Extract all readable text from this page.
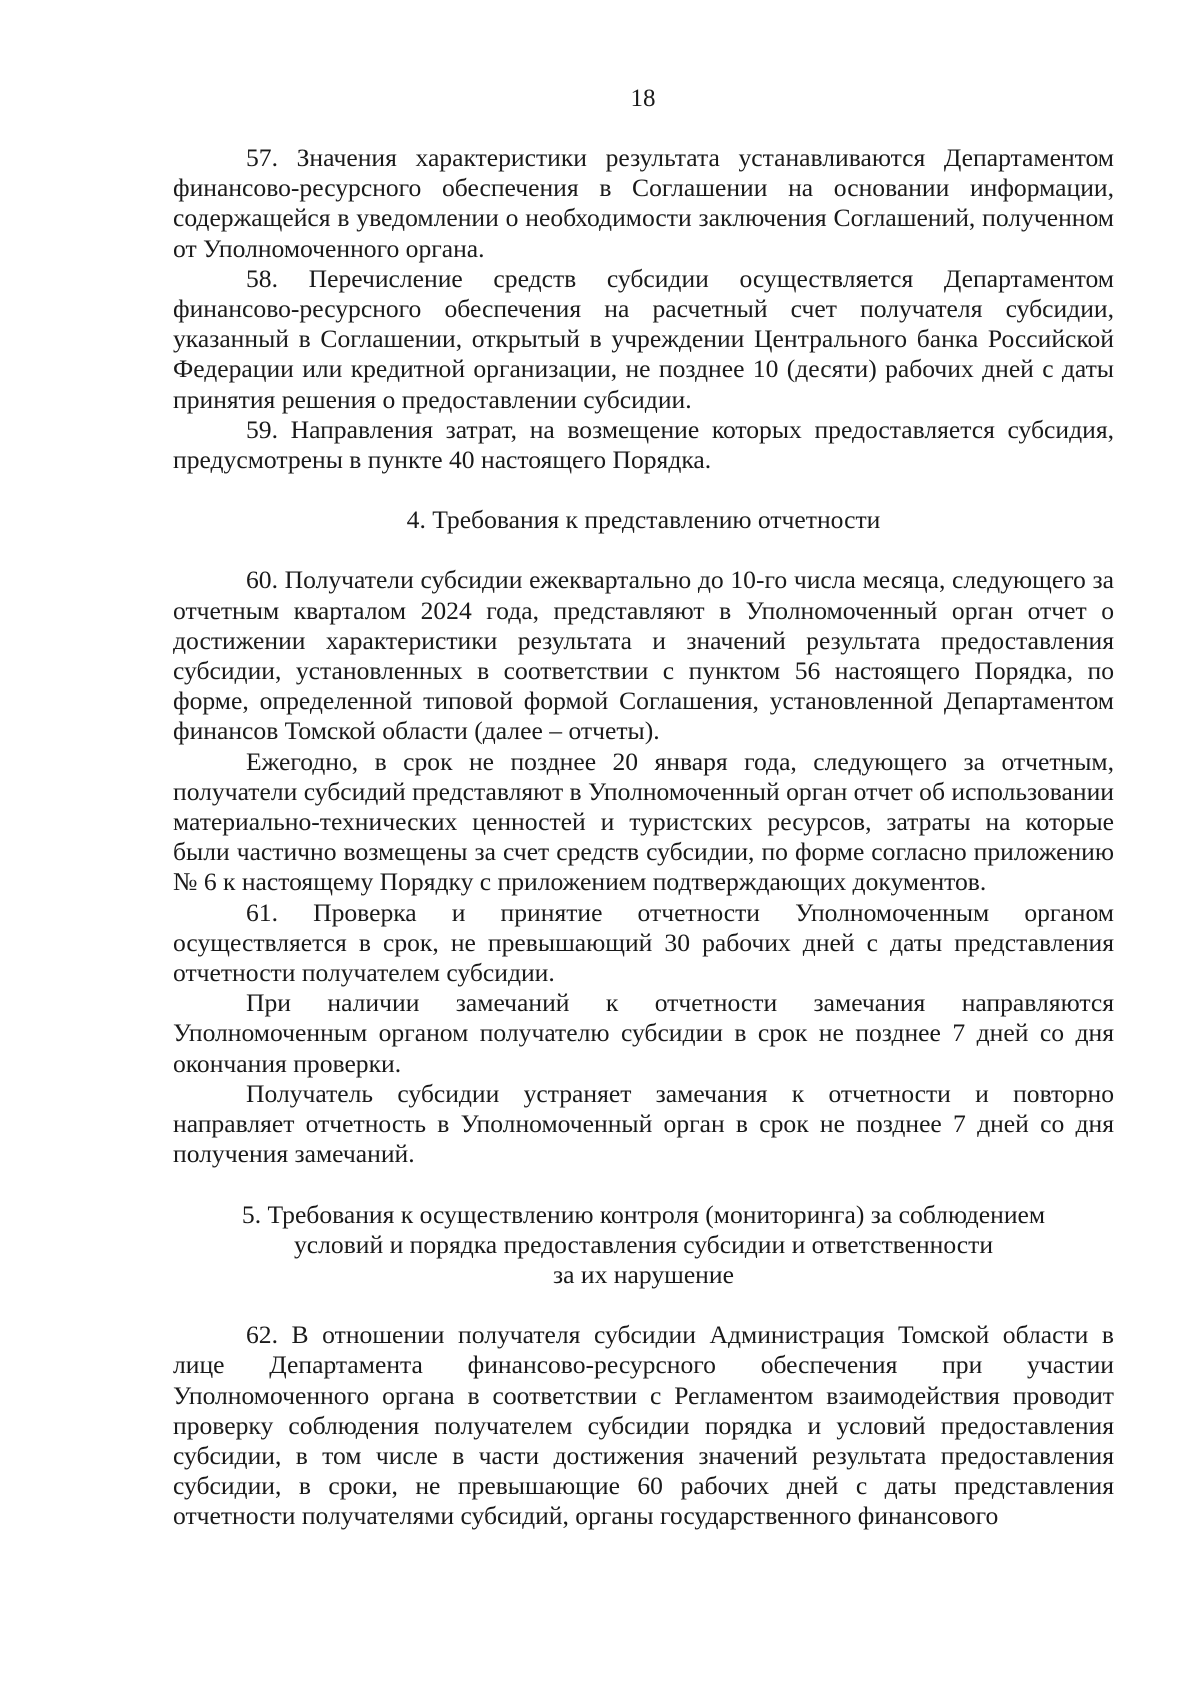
18

57. Значения характеристики результата устанавливаются Департаментом финансово-ресурсного обеспечения в Соглашении на основании информации, содержащейся в уведомлении о необходимости заключения Соглашений, полученном от Уполномоченного органа.

58. Перечисление средств субсидии осуществляется Департаментом финансово-ресурсного обеспечения на расчетный счет получателя субсидии, указанный в Соглашении, открытый в учреждении Центрального банка Российской Федерации или кредитной организации, не позднее 10 (десяти) рабочих дней с даты принятия решения о предоставлении субсидии.

59. Направления затрат, на возмещение которых предоставляется субсидия, предусмотрены в пункте 40 настоящего Порядка.

4. Требования к представлению отчетности

60. Получатели субсидии ежеквартально до 10-го числа месяца, следующего за отчетным кварталом 2024 года, представляют в Уполномоченный орган отчет о достижении характеристики результата и значений результата предоставления субсидии, установленных в соответствии с пунктом 56 настоящего Порядка, по форме, определенной типовой формой Соглашения, установленной Департаментом финансов Томской области (далее – отчеты).

Ежегодно, в срок не позднее 20 января года, следующего за отчетным, получатели субсидий представляют в Уполномоченный орган отчет об использовании материально-технических ценностей и туристских ресурсов, затраты на которые были частично возмещены за счет средств субсидии, по форме согласно приложению № 6 к настоящему Порядку с приложением подтверждающих документов.

61. Проверка и принятие отчетности Уполномоченным органом осуществляется в срок, не превышающий 30 рабочих дней с даты представления отчетности получателем субсидии.

При наличии замечаний к отчетности замечания направляются Уполномоченным органом получателю субсидии в срок не позднее 7 дней со дня окончания проверки.

Получатель субсидии устраняет замечания к отчетности и повторно направляет отчетность в Уполномоченный орган в срок не позднее 7 дней со дня получения замечаний.

5. Требования к осуществлению контроля (мониторинга) за соблюдением

условий и порядка предоставления субсидии и ответственности

за их нарушение

62. В отношении получателя субсидии Администрация Томской области в лице Департамента финансово-ресурсного обеспечения при участии Уполномоченного органа в соответствии с Регламентом взаимодействия проводит проверку соблюдения получателем субсидии порядка и условий предоставления субсидии, в том числе в части достижения значений результата предоставления субсидии, в сроки, не превышающие 60 рабочих дней с даты представления отчетности получателями субсидий, органы государственного финансового
